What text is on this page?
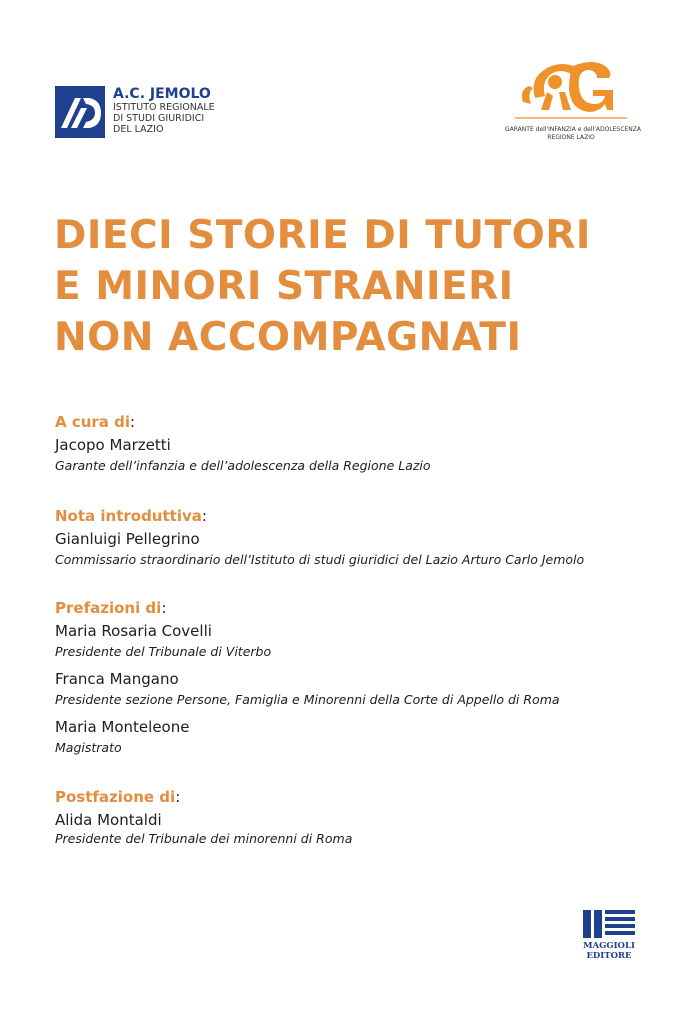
A.C. JEMOLO
ISTITUTO REGIONALE
DI STUDI GIURIDICI
DEL LAZIO	GARANTE dell'INFANZIA e dell'ADOLESCENZA
REGIONE LAZIO
DIECI STORIE DI TUTORI
E MINORI STRANIERI
NON ACCOMPAGNATI
A cura di:
Jacopo Marzetti
Garante dell’infanzia e dell’adolescenza della Regione Lazio
Nota introduttiva:
Gianluigi Pellegrino
Commissario straordinario dell’Istituto di studi giuridici del Lazio Arturo Carlo Jemolo
Prefazioni di:
Maria Rosaria Covelli
Presidente del Tribunale di Viterbo
Franca Mangano
Presidente sezione Persone, Famiglia e Minorenni della Corte di Appello di Roma
Maria Monteleone
Magistrato
Postfazione di:
Alida Montaldi
Presidente del Tribunale dei minorenni di Roma
MAGGIOLI
EDITORE
